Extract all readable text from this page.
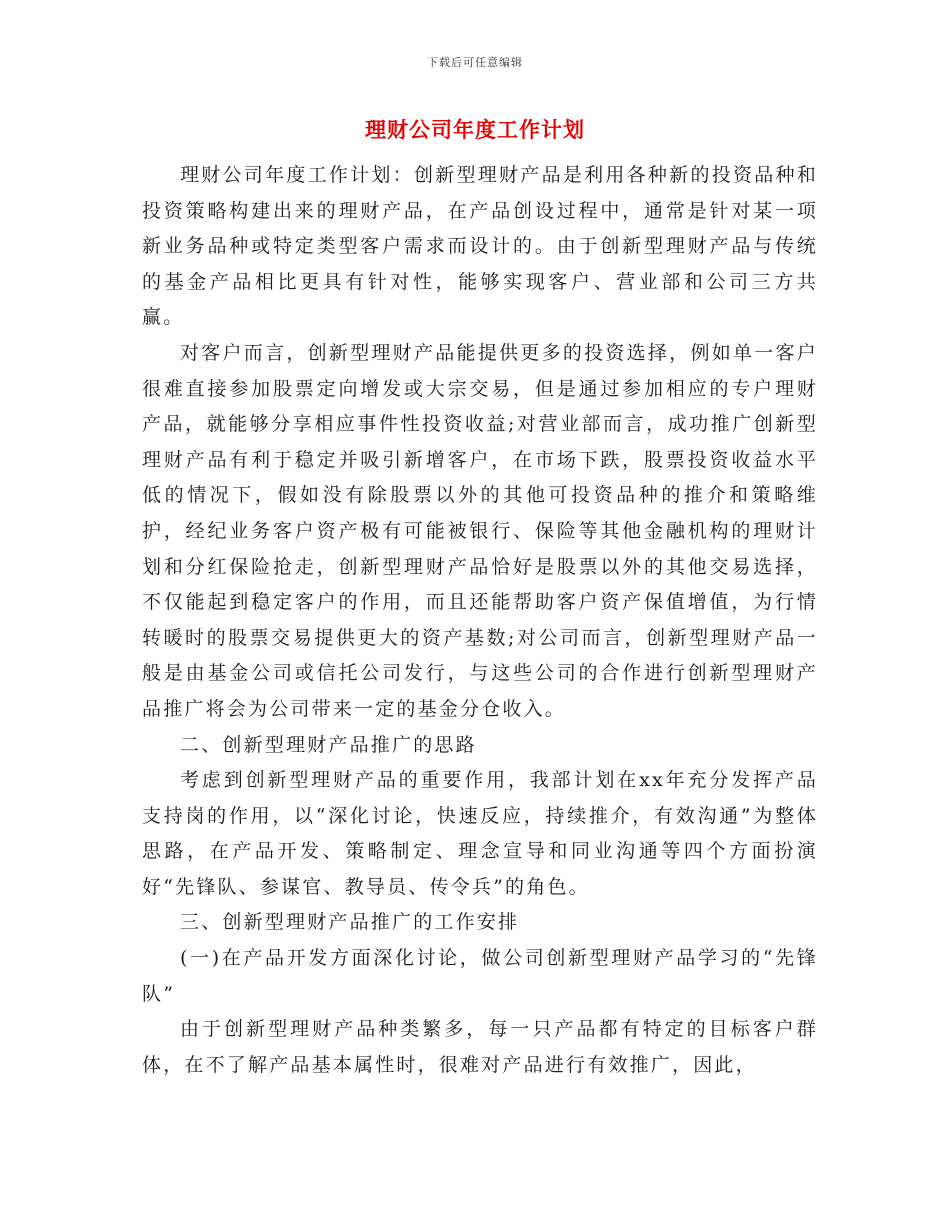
下载后可任意编辑
理财公司年度工作计划

理财公司年度工作计划：创新型理财产品是利用各种新的投资品种和投资策略构建出来的理财产品，在产品创设过程中，通常是针对某一项新业务品种或特定类型客户需求而设计的。由于创新型理财产品与传统的基金产品相比更具有针对性，能够实现客户、营业部和公司三方共赢。

对客户而言，创新型理财产品能提供更多的投资选择，例如单一客户很难直接参加股票定向增发或大宗交易，但是通过参加相应的专户理财产品，就能够分享相应事件性投资收益;对营业部而言，成功推广创新型理财产品有利于稳定并吸引新增客户，在市场下跌，股票投资收益水平低的情况下，假如没有除股票以外的其他可投资品种的推介和策略维护，经纪业务客户资产极有可能被银行、保险等其他金融机构的理财计划和分红保险抢走，创新型理财产品恰好是股票以外的其他交易选择，不仅能起到稳定客户的作用，而且还能帮助客户资产保值增值，为行情转暖时的股票交易提供更大的资产基数;对公司而言，创新型理财产品一般是由基金公司或信托公司发行，与这些公司的合作进行创新型理财产品推广将会为公司带来一定的基金分仓收入。

二、创新型理财产品推广的思路

考虑到创新型理财产品的重要作用，我部计划在xx年充分发挥产品支持岗的作用，以“深化讨论，快速反应，持续推介，有效沟通”为整体思路，在产品开发、策略制定、理念宣导和同业沟通等四个方面扮演好“先锋队、参谋官、教导员、传令兵”的角色。

三、创新型理财产品推广的工作安排

(一)在产品开发方面深化讨论，做公司创新型理财产品学习的“先锋队”

由于创新型理财产品种类繁多，每一只产品都有特定的目标客户群体，在不了解产品基本属性时，很难对产品进行有效推广，因此，
